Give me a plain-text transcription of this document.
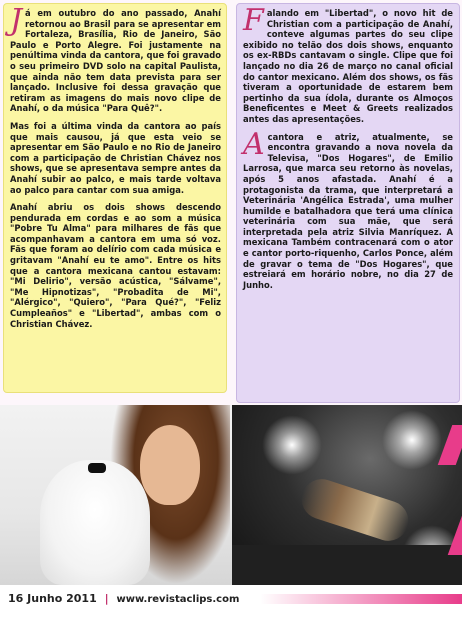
Já em outubro do ano passado, Anahí retornou ao Brasil para se apresentar em Fortaleza, Brasília, Rio de Janeiro, São Paulo e Porto Alegre. Foi justamente na penúltima vinda da cantora, que foi gravado o seu primeiro DVD solo na capital Paulista, que ainda não tem data prevista para ser lançado. Inclusive foi dessa gravação que retiram as imagens do mais novo clipe de Anahí, o da música "Para Quê?".

Mas foi a última vinda da cantora ao país que mais causou, já que esta veio se apresentar em São Paulo e no Rio de Janeiro com a participação de Christian Chávez nos shows, que se apresentava sempre antes da Anahí subir ao palco, e mais tarde voltava ao palco para cantar com sua amiga.

Anahí abriu os dois shows descendo pendurada em cordas e ao som a música "Pobre Tu Alma" para milhares de fãs que acompanhavam a cantora em uma só voz. Fãs que foram ao delírio com cada música e gritavam "Anahí eu te amo". Entre os hits que a cantora mexicana cantou estavam: "Mi Delirio", versão acústica, "Sálvame", "Me Hipnotizas", "Probadita de Mi", "Alérgico", "Quiero", "Para Qué?", "Feliz Cumpleaños" e "Libertad", ambas com o Christian Chávez.

Falando em "Libertad", o novo hit de Christian com a participação de Anahí, conteve algumas partes do seu clipe exibido no telão dos dois shows, enquanto os ex-RBDs cantavam o single. Clipe que foi lançado no dia 26 de março no canal oficial do cantor mexicano. Além dos shows, os fãs tiveram a oportunidade de estarem bem pertinho da sua ídola, durante os Almoços Beneficentes e Meet & Greets realizados antes das apresentações.

Acantora e atriz, atualmente, se encontra gravando a nova novela da Televisa, "Dos Hogares", de Emilio Larrosa, que marca seu retorno às novelas, após 5 anos afastada. Anahí é a protagonista da trama, que interpretará a Veterinária 'Angélica Estrada', uma mulher humilde e batalhadora que terá uma clínica veterinária com sua mãe, que será interpretada pela atriz Silvia Manríquez. A mexicana Também contracenará com o ator e cantor porto-riquenho, Carlos Ponce, além de gravar o tema de "Dos Hogares", que estreiará em horário nobre, no dia 27 de Junho.

16 Junho 2011 | www.revistaclips.com
